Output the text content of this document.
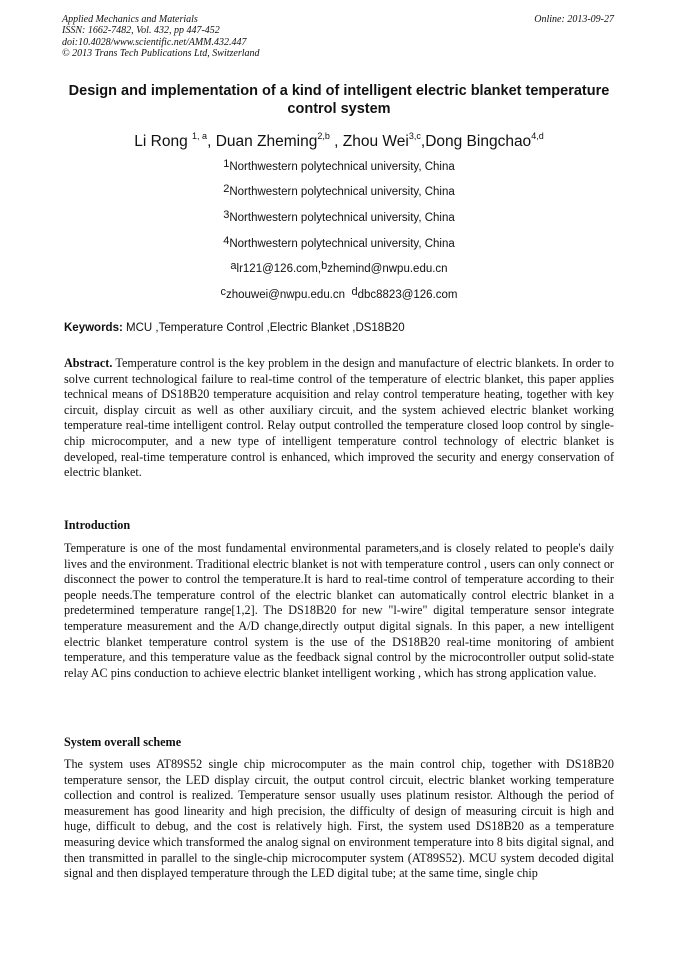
Applied Mechanics and Materials
ISSN: 1662-7482, Vol. 432, pp 447-452
doi:10.4028/www.scientific.net/AMM.432.447
© 2013 Trans Tech Publications Ltd, Switzerland
Online: 2013-09-27
Design and implementation of a kind of intelligent electric blanket temperature control system
Li Rong $^{1, a}$, Duan Zheming$^{2,b}$ , Zhou Wei$^{3,c}$,Dong Bingchao$^{4,d}$
$^1$Northwestern polytechnical university, China
$^2$Northwestern polytechnical university, China
$^3$Northwestern polytechnical university, China
$^4$Northwestern polytechnical university, China
$^a$lr121@126.com,$^b$zhemind@nwpu.edu.cn
$^c$zhouwei@nwpu.edu.cn $^d$dbc8823@126.com
Keywords: MCU ,Temperature Control ,Electric Blanket ,DS18B20
Abstract. Temperature control is the key problem in the design and manufacture of electric blankets. In order to solve current technological failure to real-time control of the temperature of electric blanket, this paper applies technical means of DS18B20 temperature acquisition and relay control temperature heating, together with key circuit, display circuit as well as other auxiliary circuit, and the system achieved electric blanket working temperature real-time intelligent control. Relay output controlled the temperature closed loop control by single-chip microcomputer, and a new type of intelligent temperature control technology of electric blanket is developed, real-time temperature control is enhanced, which improved the security and energy conservation of electric blanket.
Introduction
Temperature is one of the most fundamental environmental parameters,and is closely related to people's daily lives and the environment. Traditional electric blanket is not with temperature control , users can only connect or disconnect the power to control the temperature.It is hard to real-time control of temperature according to their people needs.The temperature control of the electric blanket can automatically control electric blanket in a predetermined temperature range[1,2]. The DS18B20 for new "l-wire" digital temperature sensor integrate temperature measurement and the A/D change,directly output digital signals. In this paper, a new intelligent electric blanket temperature control system is the use of the DS18B20 real-time monitoring of ambient temperature, and this temperature value as the feedback signal control by the microcontroller output solid-state relay AC pins conduction to achieve electric blanket intelligent working , which has strong application value.
System overall scheme
The system uses AT89S52 single chip microcomputer as the main control chip, together with DS18B20 temperature sensor, the LED display circuit, the output control circuit, electric blanket working temperature collection and control is realized. Temperature sensor usually uses platinum resistor. Although the period of measurement has good linearity and high precision, the difficulty of design of measuring circuit is high and huge, difficult to debug, and the cost is relatively high. First, the system used DS18B20 as a temperature measuring device which transformed the analog signal on environment temperature into 8 bits digital signal, and then transmitted in parallel to the single-chip microcomputer system (AT89S52). MCU system decoded digital signal and then displayed temperature through the LED digital tube; at the same time, single chip
